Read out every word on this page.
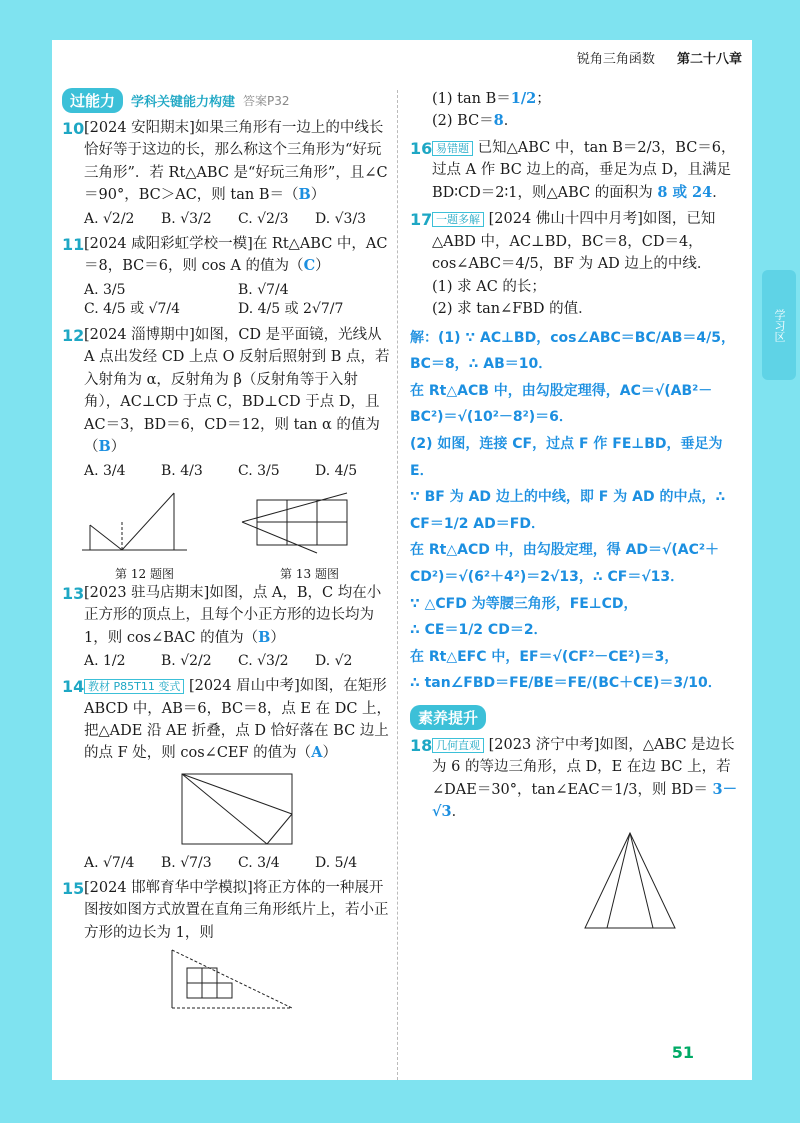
锐角三角函数 第二十八章
学习区
过能力	学科关键能力构建 答案P32
10 [2024 安阳期末]如果三角形有一边上的中线长恰好等于这边的长，那么称这个三角形为“好玩三角形”．若 Rt△ABC 是“好玩三角形”，且∠C＝90°，BC＞AC，则 tan B＝（B）
A. √2/2	B. √3/2	C. √2/3	D. √3/3
11 [2024 咸阳彩虹学校一模]在 Rt△ABC 中，AC＝8，BC＝6，则 cos A 的值为（C）
A. 3/5	B. √7/4
C. 4/5 或 √7/4	D. 4/5 或 2√7/7
12 [2024 淄博期中]如图，CD 是平面镜，光线从 A 点出发经 CD 上点 O 反射后照射到 B 点，若入射角为 α，反射角为 β（反射角等于入射角），AC⊥CD 于点 C，BD⊥CD 于点 D，且 AC＝3，BD＝6，CD＝12，则 tan α 的值为（B）
A. 3/4	B. 4/3	C. 3/5	D. 4/5
第 12 题图	第 13 题图
13 [2023 驻马店期末]如图，点 A，B，C 均在小正方形的顶点上，且每个小正方形的边长均为 1，则 cos∠BAC 的值为（B）
A. 1/2	B. √2/2	C. √3/2	D. √2
14 教材 P85T11 变式 [2024 眉山中考]如图，在矩形 ABCD 中，AB＝6，BC＝8，点 E 在 DC 上，把△ADE 沿 AE 折叠，点 D 恰好落在 BC 边上的点 F 处，则 cos∠CEF 的值为（A）
A. √7/4	B. √7/3	C. 3/4	D. 5/4
15 [2024 邯郸育华中学模拟]将正方体的一种展开图按如图方式放置在直角三角形纸片上，若小正方形的边长为 1，则
(1) tan B＝1/2；
(2) BC＝8．
16 易错题 已知△ABC 中，tan B＝2/3，BC＝6，过点 A 作 BC 边上的高，垂足为点 D，且满足 BD∶CD＝2∶1，则△ABC 的面积为 8 或 24．
17 一题多解 [2024 佛山十四中月考]如图，已知△ABD 中，AC⊥BD，BC＝8，CD＝4，cos∠ABC＝4/5，BF 为 AD 边上的中线．
(1) 求 AC 的长；
(2) 求 tan∠FBD 的值．
解：(1) ∵ AC⊥BD，cos∠ABC＝BC/AB＝4/5，BC＝8，∴ AB＝10．
在 Rt△ACB 中，由勾股定理得，AC＝√(AB²－BC²)＝√(10²－8²)＝6．
(2) 如图，连接 CF，过点 F 作 FE⊥BD，垂足为 E．
∵ BF 为 AD 边上的中线，即 F 为 AD 的中点，∴ CF＝1/2 AD＝FD．
在 Rt△ACD 中，由勾股定理，得 AD＝√(AC²＋CD²)＝√(6²＋4²)＝2√13，∴ CF＝√13．
∵ △CFD 为等腰三角形，FE⊥CD，
∴ CE＝1/2 CD＝2．
在 Rt△EFC 中，EF＝√(CF²－CE²)＝3，
∴ tan∠FBD＝FE/BE＝FE/(BC＋CE)＝3/10．
素养提升
18 几何直观 [2023 济宁中考]如图，△ABC 是边长为 6 的等边三角形，点 D，E 在边 BC 上，若∠DAE＝30°，tan∠EAC＝1/3，则 BD＝ 3－√3．
51
